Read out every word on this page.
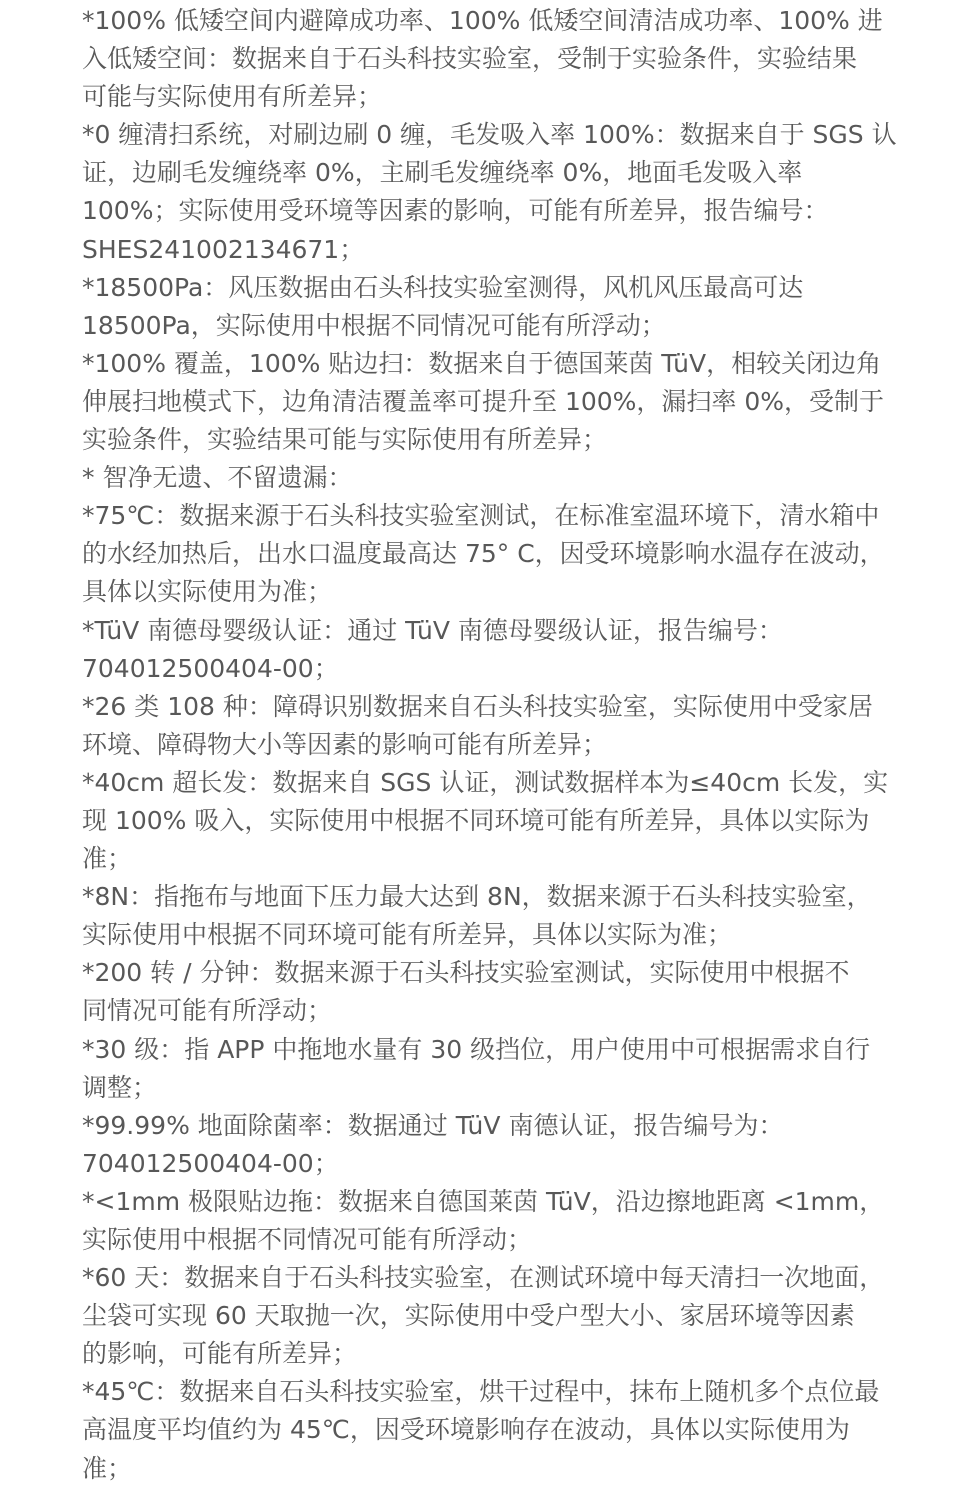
*100% 低矮空间内避障成功率、100% 低矮空间清洁成功率、100% 进
入低矮空间：数据来自于石头科技实验室，受制于实验条件，实验结果
可能与实际使用有所差异；
*0 缠清扫系统，对刷边刷 0 缠，毛发吸入率 100%：数据来自于 SGS 认
证，边刷毛发缠绕率 0%，主刷毛发缠绕率 0%，地面毛发吸入率
100%；实际使用受环境等因素的影响，可能有所差异，报告编号：
SHES241002134671；
*18500Pa：风压数据由石头科技实验室测得，风机风压最高可达
18500Pa，实际使用中根据不同情况可能有所浮动；
*100% 覆盖，100% 贴边扫：数据来自于德国莱茵 TüV，相较关闭边角
伸展扫地模式下，边角清洁覆盖率可提升至 100%，漏扫率 0%，受制于
实验条件，实验结果可能与实际使用有所差异；
* 智净无遗、不留遗漏：
*75℃：数据来源于石头科技实验室测试，在标准室温环境下，清水箱中
的水经加热后，出水口温度最高达 75° C，因受环境影响水温存在波动，
具体以实际使用为准；
*TüV 南德母婴级认证：通过 TüV 南德母婴级认证，报告编号：
704012500404-00；
*26 类 108 种：障碍识别数据来自石头科技实验室，实际使用中受家居
环境、障碍物大小等因素的影响可能有所差异；
*40cm 超长发：数据来自 SGS 认证，测试数据样本为≤40cm 长发，实
现 100% 吸入，实际使用中根据不同环境可能有所差异，具体以实际为
准；
*8N：指拖布与地面下压力最大达到 8N，数据来源于石头科技实验室，
实际使用中根据不同环境可能有所差异，具体以实际为准；
*200 转 / 分钟：数据来源于石头科技实验室测试，实际使用中根据不
同情况可能有所浮动；
*30 级：指 APP 中拖地水量有 30 级挡位，用户使用中可根据需求自行
调整；
*99.99% 地面除菌率：数据通过 TüV 南德认证，报告编号为：
704012500404-00；
*<1mm 极限贴边拖：数据来自德国莱茵 TüV，沿边擦地距离 <1mm，
实际使用中根据不同情况可能有所浮动；
*60 天：数据来自于石头科技实验室，在测试环境中每天清扫一次地面，
尘袋可实现 60 天取抛一次，实际使用中受户型大小、家居环境等因素
的影响，可能有所差异；
*45℃：数据来自石头科技实验室，烘干过程中，抹布上随机多个点位最
高温度平均值约为 45℃，因受环境影响存在波动，具体以实际使用为
准；
